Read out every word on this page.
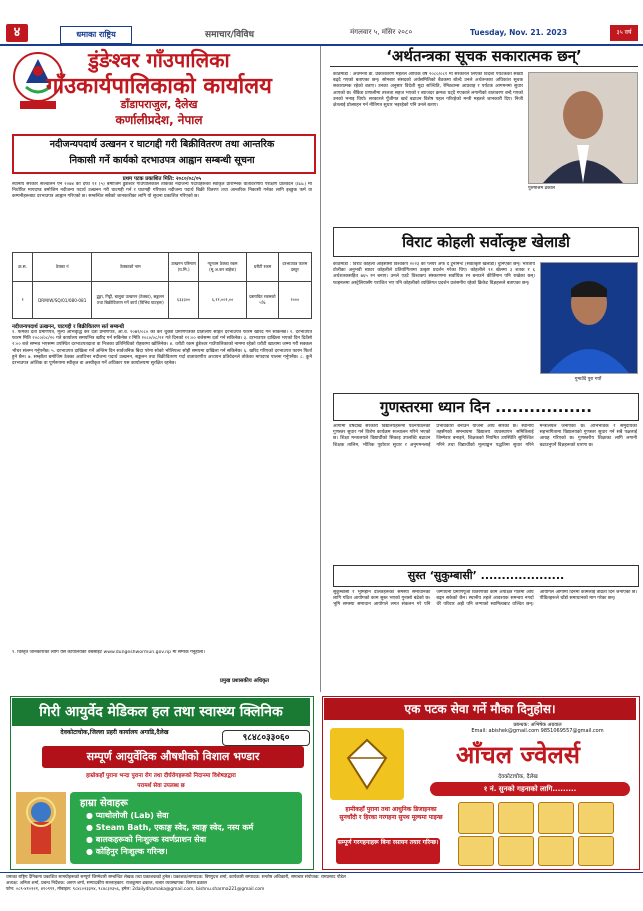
४	धमाका राष्ट्रिय	समाचार/विविध	मंगलवार ५, मंसिर २०८०	Tuesday, Nov. 21. 2023	३५ वर्ष
डुंङेश्वर गाँउपालिका
गाँउकार्यपालिकाको कार्यालय
डाँडापराजुल, दैलेख
कर्णालीप्रदेश, नेपाल
नदीजन्यपदार्थ उत्खनन र घाटगद्दी गरी बिक्रीवितरण तथा आन्तरिक
निकासी गर्ने कार्यको दरभाउपत्र आह्वान सम्बन्धी सूचना
प्रथम पटक प्रकाशित मिति: २०८०/०८/०५
स्थानीय सरकार सञ्चालन ऐन २०७४ को दफा ११ (५) बमोजिम डुंङेश्वर गाउँपालिकाले तोकेका नदीजन्य पदार्थहरूको स्वीकृत प्रारम्भिक वातावरणीय परीक्षण प्रतिवेदन (IEE) मा निर्धारित मापदण्ड बमोजिम नदीजन्य पदार्थ उत्खनन गरी घाटगद्दी गर्न र घाटगद्दी गरिएका नदीजन्य पदार्थ बिक्री वितरण तथा आन्तरिक निकासी गर्नका लागि इच्छुक फर्म वा कम्पनीहरूबाट दरभाउपत्र आह्वान गरिएको छ। सम्बन्धित सबैको जानकारीका लागि यो सूचना प्रकाशित गरिएको छ।
क्र.स.	ठेक्का नं	ठेक्काको नाम	उत्खनन परिमाण (घ.मि.)	न्यूनतम ठेक्का रकम (मू.अ.कर बाहेक)	धरौटी रकम	दरभाउपत्र फारम दस्तुर
१	DRM/W/SQ/01/080-081	ढुङ्गा, गिट्टी, बालुवा उत्खनन (ठेक्का), सङ्कलन तथा बिक्रीवितरण गर्ने कार्य (विभिन्न घाटहरू)	६३३३००	६,११,००१,००	प्रस्तावित रकमको ५%	१०००
नदीजन्यपदार्थ उत्खनन, घाटगद्दी र बिक्रीवितरण सर्त सम्बन्धी
१. फर्मको दर्ता प्रमाणपत्र, मूल्य अभिवृद्धि कर दर्ता प्रमाणपत्र, आ.व. २०७९/०८० को कर चुक्ता प्रमाणपत्रको प्रतिलिपि सहित दरभाउपत्र फारम खरिद गर्न सकिनेछ। २. दरभाउपत्र फारम मिति २०८०/०८/२० गते कार्यालय समयभित्र खरिद गर्न सकिनेछ र मिति २०८०/०८/२१ गते दिनको १२:०० बजेसम्म दर्ता गर्न सकिनेछ। ३. दरभाउपत्र दाखिला भएको दिन दिउँसो २:०० बजे सम्भव भएसम्म उपस्थित दरभाउपत्रदाता वा निजका प्रतिनिधिको रोहबरमा खोलिनेछ। ४. धरौटी रकम डुंङेश्वर गाउँपालिकाको नाममा रहेको धरौटी खातामा जम्मा गरी सक्कल भौचर संलग्न गर्नुपर्नेछ। ५. दरभाउपत्र दाखिला गर्ने अन्तिम दिन सार्वजनिक बिदा परेमा सोको भोलिपल्ट सोही समयमा दाखिला गर्न सकिनेछ। ६. खरिद गरिएको दरभाउपत्र फारम फिर्ता हुने छैन। ७. सम्झौता बमोजिम ठेक्का अवधिभर नदीजन्य पदार्थ उत्खनन, सङ्कलन तथा बिक्रीवितरण गर्दा वातावरणीय अध्ययन प्रतिवेदनले तोकेका मापदण्ड पालना गर्नुपर्नेछ। ८. कुनै दरभाउपत्र आंशिक वा पूर्णरूपमा स्वीकृत वा अस्वीकृत गर्ने अधिकार यस कार्यालयमा सुरक्षित रहनेछ।
९. विस्तृत जानकारीका लागि यस कार्यालयको वेबसाइट www.dungeshwormun.gov.np मा सम्पर्क गर्नुहोला।
प्रमुख प्रशासकीय अधिकृत
‘अर्थतन्त्रका सूचक सकारात्मक छन्’
काठमाडौँ : अर्थमन्त्री डा. प्रकाशशरण महतले आर्थिक वर्ष २०८०/०८१ मा सरकारले लिएको विदेशी पर्यटकको संख्या बढ्दै गएको बताएका छन्। सोमबार संसदको अर्थसमितिको बैठकमा बोल्दै उनले अर्थतन्त्रका अधिकांश सूचक सकारात्मक रहेको बताए। उनका अनुसार विदेशी मुद्रा सञ्चिति, रेमिट्यान्स आप्रवाह र पर्यटक आगमनमा सुधार आएको छ। बैंकिङ प्रणालीमा तरलता सहज भएको र ब्याजदर क्रमशः घट्दै गएकाले लगानीको वातावरण बन्दै गएको उनको भनाइ थियो। सरकारले पुँजीगत खर्च बढाउन विशेष पहल गरिरहेको मन्त्री महतले जानकारी दिए। निजी क्षेत्रलाई प्रोत्साहन गर्न नीतिगत सुधार भइरहेको पनि उनले बताए।
पुरुषोत्तम ढकाल
विराट कोहली सर्वोत्कृष्ट खेलाडी
काठमाडौँ : विराट कोहली आईसीसी विश्वकप २०२३ को प्लेयर अफ द टुर्नामेन्ट (सर्वोत्कृष्ट खेलाडी) चुनिएका छन्। भारतीय टोलीका अनुभवी ब्याटर कोहलीले प्रतियोगितामा उत्कृष्ट प्रदर्शन गरेका थिए। कोहलीले ११ खेलमा ३ शतक र ६ अर्धशतकसहित ७६५ रन बनाए। उनले एउटै विश्वकप संस्करणमा सर्वाधिक रन बनाउने कीर्तिमान पनि राखेका छन्। फाइनलमा अस्ट्रेलियासँग पराजित भए पनि कोहलीको व्यक्तिगत प्रदर्शन प्रशंसनीय रहेको क्रिकेट विज्ञहरूले बताएका छन्।
गुमाउँदै पुरा गर्यो
गुणस्तरमा ध्यान दिन .................
आगामी वर्षदेखि सरकारी विद्यालयहरूमा पठनपाठनको गुणस्तर सुधार गर्न विशेष कार्यक्रम सञ्चालन गरिने भएको छ। शिक्षा मन्त्रालयले विद्यार्थीको सिकाइ उपलब्धि बढाउन शिक्षक तालिम, भौतिक पूर्वाधार सुधार र अनुगमनलाई प्रभावकारी बनाउने योजना अघि सारेको छ। स्थानीय तहसँगको समन्वयमा विद्यालय व्यवस्थापन समितिलाई जिम्मेवार बनाइने, शिक्षकको नियमित उपस्थिति सुनिश्चित गरिने तथा विद्यार्थीको मूल्याङ्कन पद्धतिमा सुधार गरिने मन्त्रालयले जनाएको छ। अभिभावक र समुदायको सहभागितामा विद्यालयको गुणस्तर सुधार गर्न सबै पक्षलाई आग्रह गरिएको छ। गुणस्तरीय शिक्षाका लागि लगानी बढाउनुपर्ने विज्ञहरूको धारणा छ।
सुस्त ‘सुकुम्बासी’ ....................
सुकुम्बासी र भूमिहीन दलितहरूको समस्या समाधानका लागि गठित आयोगको काम सुस्त भएको गुनासो बढेको छ। भूमि समस्या समाधान आयोगले लगत संकलन गरे पनि जग्गाधनी प्रमाणपूर्जा वितरणको काम अपेक्षित गतिमा अघि बढ्न सकेको छैन। स्थानीय तहले आवश्यक समन्वय नगर्दा धेरै परिवार अझै पनि जग्गाको स्वामित्वबाट वञ्चित छन्। आयोगले आगामी दिनमा कामलाई तीव्रता दिने जनाएको छ। पीडितहरूले चाँडो समाधानको माग गरेका छन्।
गिरी आयुर्वेद मेडिकल हल तथा स्वास्थ्य क्लिनिक
देवकोटाचोक,जिल्ला प्रहरी कार्यालय अगाडि,दैलेख
९८४८०३३०६०
सम्पूर्ण आयुर्वेदिक औषधीको विशाल भण्डार
हाम्रोकहाँ पुराना भन्दा पुराना रोग तथा दीर्घरोगहरूको निदानमा विशेषज्ञद्वारा
परामर्श सेवा उपलब्ध छ
हाम्रा सेवाहरू
● प्याथोलोजी (Lab) सेवा
● Steam Bath, एकाङ्ग स्वेद, स्वाङ्ग स्वेद, नस्य कर्म
● बालकहरूको निःशुल्क स्वर्णप्राशन सेवा
● कोहिनुर निःशुल्क गरिन्छ।
एक पटक सेवा गर्ने मौका दिनुहोस।
प्रबन्धक: अभिषेक अग्रवाल
Email: abishek@gmail.com 9851069557@gmail.com
आँचल ज्वेलर्स
देवकोटाचोक, दैलेख
१ नं. सुनको गहनाको लागि.........
हामीकहाँ पुराना तथा आधुनिक डिजाइनका सुनचाँदी र हिरका गरगहना सुपथ मूल्यमा पाइन्छ
सम्पूर्ण गरगहनाहरू बिना रसायन तयार गरिन्छ।
धमाका राष्ट्रिय दैनिकमा प्रकाशित सामग्रीहरूको सम्पूर्ण जिम्मेवारी सम्बन्धित लेखक तथा प्रकाशकको हुनेछ। प्रकाशक/सम्पादक: विष्णुदत्त शर्मा, कार्यकारी सम्पादक: सन्तोष अधिकारी, समाचार संयोजक: रामप्रसाद पौडेल
अध्यक्ष: अनिता शर्मा, प्रबन्ध निर्देशक: अरुण शर्मा, सम्पादकीय सल्लाहकार: राजकुमार ढकाल, बजार व्यवस्थापक: किरण ढकाल
फोन: ०८९-४१०२२१, ४१०९९९, मोबाइल: ९८४८०२३३२४, ९८४८३२३५६, इमेल: 2dailydhamaka@gmail.com, bishnu.sharma221@gmail.com
